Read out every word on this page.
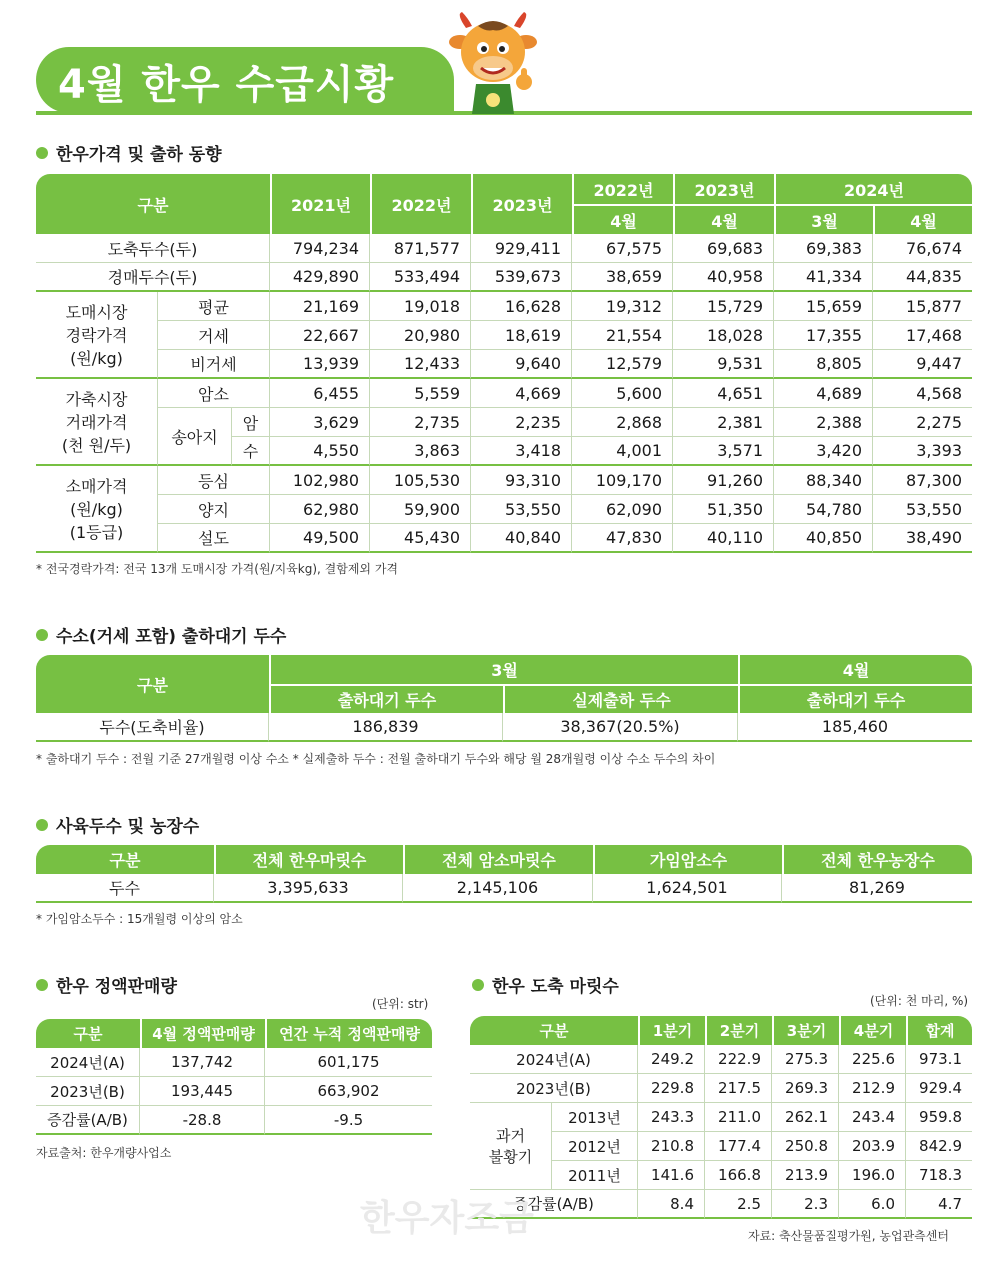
4월 한우 수급시황
한우가격 및 출하 동향
구분			2021년	2022년	2023년	2022년	2023년	2024년	
						4월	4월	3월	4월
도축두수(두)			794,234	871,577	929,411	67,575	69,683	69,383	76,674
경매두수(두)			429,890	533,494	539,673	38,659	40,958	41,334	44,835
도매시장
경락가격
(원/kg)	평균		21,169	19,018	16,628	19,312	15,729	15,659	15,877
	거세		22,667	20,980	18,619	21,554	18,028	17,355	17,468
	비거세		13,939	12,433	9,640	12,579	9,531	8,805	9,447
가축시장
거래가격
(천 원/두)	암소		6,455	5,559	4,669	5,600	4,651	4,689	4,568
	송아지	암	3,629	2,735	2,235	2,868	2,381	2,388	2,275
		수	4,550	3,863	3,418	4,001	3,571	3,420	3,393
소매가격
(원/kg)
(1등급)	등심		102,980	105,530	93,310	109,170	91,260	88,340	87,300
	양지		62,980	59,900	53,550	62,090	51,350	54,780	53,550
	설도		49,500	45,430	40,840	47,830	40,110	40,850	38,490
* 전국경락가격: 전국 13개 도매시장 가격(원/지육kg), 결함제외 가격
수소(거세 포함) 출하대기 두수
구분	3월		4월
	출하대기 두수	실제출하 두수	출하대기 두수
두수(도축비율)	186,839	38,367(20.5%)	185,460
* 출하대기 두수 : 전월 기준 27개월령 이상 수소 * 실제출하 두수 : 전월 출하대기 두수와 해당 월 28개월령 이상 수소 두수의 차이
사육두수 및 농장수
구분	전체 한우마릿수	전체 암소마릿수	가임암소수	전체 한우농장수
두수	3,395,633	2,145,106	1,624,501	81,269
* 가임암소두수 : 15개월령 이상의 암소
한우 정액판매량
(단위: str)
구분	4월 정액판매량	연간 누적 정액판매량
2024년(A)	137,742	601,175
2023년(B)	193,445	663,902
증감률(A/B)	-28.8	-9.5
자료출처: 한우개량사업소
한우 도축 마릿수
(단위: 천 마리, %)
구분		1분기	2분기	3분기	4분기	합계
2024년(A)		249.2	222.9	275.3	225.6	973.1
2023년(B)		229.8	217.5	269.3	212.9	929.4
과거
불황기	2013년	243.3	211.0	262.1	243.4	959.8
	2012년	210.8	177.4	250.8	203.9	842.9
	2011년	141.6	166.8	213.9	196.0	718.3
증감률(A/B)		8.4	2.5	2.3	6.0	4.7
자료: 축산물품질평가원, 농업관측센터
한우자조금
